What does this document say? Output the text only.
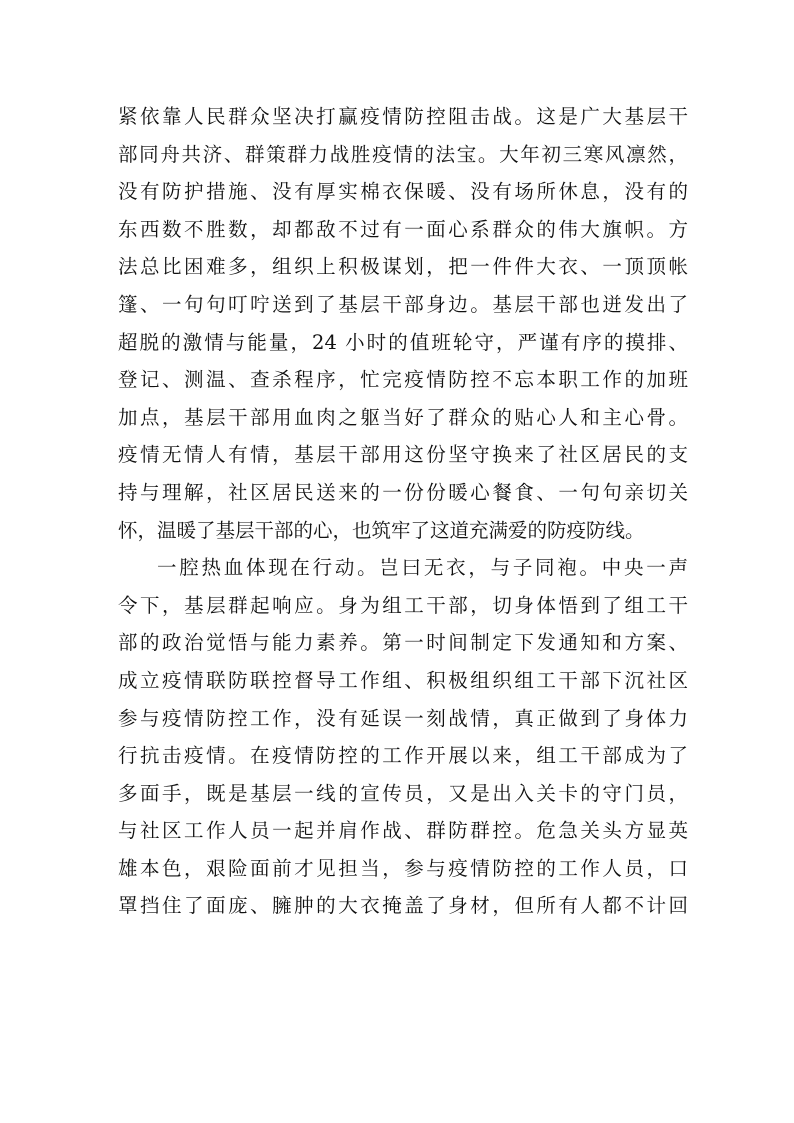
紧依靠人民群众坚决打赢疫情防控阻击战。这是广大基层干
部同舟共济、群策群力战胜疫情的法宝。大年初三寒风凛然，
没有防护措施、没有厚实棉衣保暖、没有场所休息，没有的
东西数不胜数，却都敌不过有一面心系群众的伟大旗帜。方
法总比困难多，组织上积极谋划，把一件件大衣、一顶顶帐
篷、一句句叮咛送到了基层干部身边。基层干部也迸发出了
超脱的激情与能量，24 小时的值班轮守，严谨有序的摸排、
登记、测温、查杀程序，忙完疫情防控不忘本职工作的加班
加点，基层干部用血肉之躯当好了群众的贴心人和主心骨。
疫情无情人有情，基层干部用这份坚守换来了社区居民的支
持与理解，社区居民送来的一份份暖心餐食、一句句亲切关
怀，温暖了基层干部的心，也筑牢了这道充满爱的防疫防线。
一腔热血体现在行动。岂曰无衣，与子同袍。中央一声
令下，基层群起响应。身为组工干部，切身体悟到了组工干
部的政治觉悟与能力素养。第一时间制定下发通知和方案、
成立疫情联防联控督导工作组、积极组织组工干部下沉社区
参与疫情防控工作，没有延误一刻战情，真正做到了身体力
行抗击疫情。在疫情防控的工作开展以来，组工干部成为了
多面手，既是基层一线的宣传员，又是出入关卡的守门员，
与社区工作人员一起并肩作战、群防群控。危急关头方显英
雄本色，艰险面前才见担当，参与疫情防控的工作人员，口
罩挡住了面庞、臃肿的大衣掩盖了身材，但所有人都不计回
